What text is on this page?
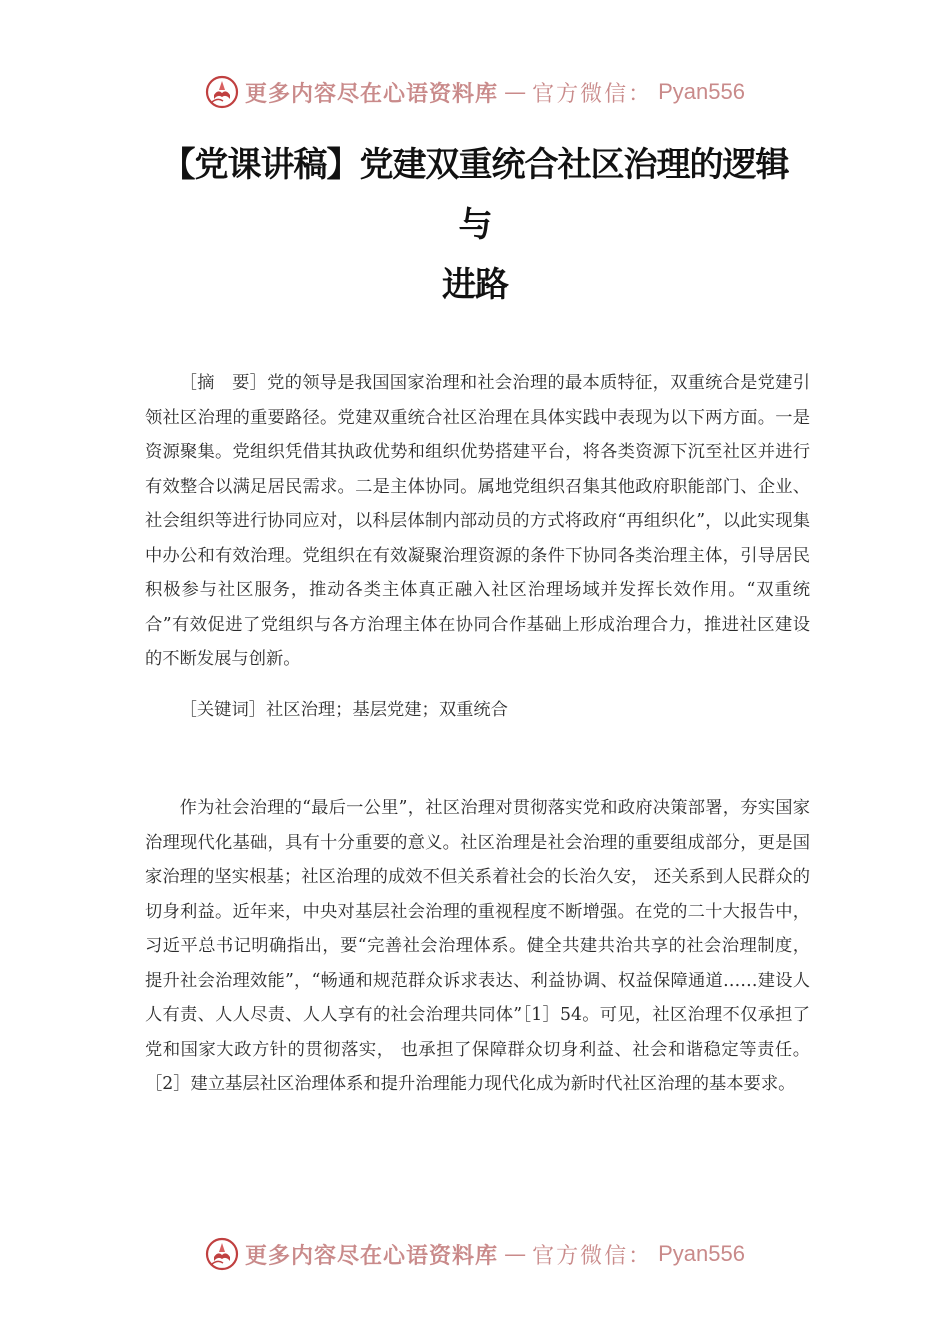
更多内容尽在心语资料库 — 官方微信： Pyan556
【党课讲稿】党建双重统合社区治理的逻辑
与
进路

［摘　要］党的领导是我国国家治理和社会治理的最本质特征，双重统合是党建引领社区治理的重要路径。党建双重统合社区治理在具体实践中表现为以下两方面。一是资源聚集。党组织凭借其执政优势和组织优势搭建平台，将各类资源下沉至社区并进行有效整合以满足居民需求。二是主体协同。属地党组织召集其他政府职能部门、企业、社会组织等进行协同应对，以科层体制内部动员的方式将政府“再组织化”，以此实现集中办公和有效治理。党组织在有效凝聚治理资源的条件下协同各类治理主体，引导居民积极参与社区服务，推动各类主体真正融入社区治理场域并发挥长效作用。“双重统合”有效促进了党组织与各方治理主体在协同合作基础上形成治理合力，推进社区建设的不断发展与创新。

［关键词］社区治理；基层党建；双重统合

作为社会治理的“最后一公里”，社区治理对贯彻落实党和政府决策部署，夯实国家治理现代化基础，具有十分重要的意义。社区治理是社会治理的重要组成部分，更是国家治理的坚实根基；社区治理的成效不但关系着社会的长治久安， 还关系到人民群众的切身利益。近年来，中央对基层社会治理的重视程度不断增强。在党的二十大报告中，习近平总书记明确指出，要“完善社会治理体系。健全共建共治共享的社会治理制度，提升社会治理效能”，“畅通和规范群众诉求表达、利益协调、权益保障通道……建设人人有责、人人尽责、人人享有的社会治理共同体”［1］54。可见，社区治理不仅承担了党和国家大政方针的贯彻落实， 也承担了保障群众切身利益、社会和谐稳定等责任。［2］建立基层社区治理体系和提升治理能力现代化成为新时代社区治理的基本要求。

更多内容尽在心语资料库 — 官方微信： Pyan556
